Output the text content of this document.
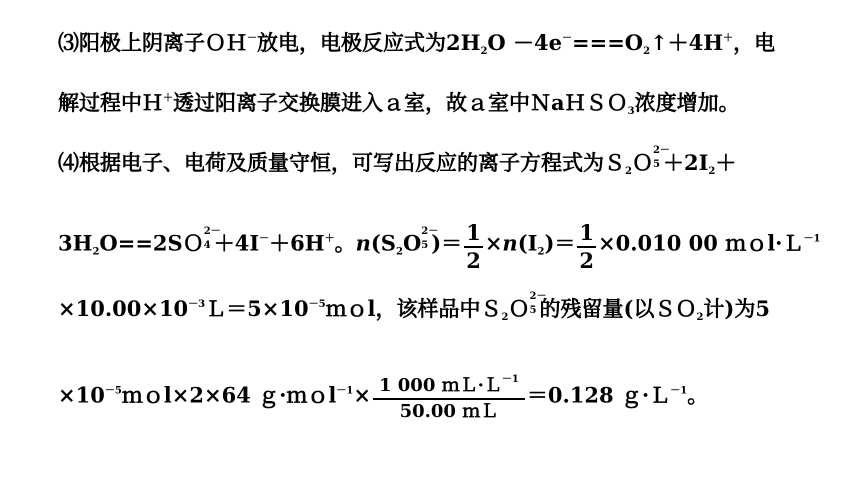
⑶阳极上阴离子ＯＨ－放电，电极反应式为$2H_2O$ $-4e^-===O_2↑+4H^+$，电
解过程中Ｈ＋透过阳离子交换膜进入ａ室，故ａ室中ＮaＨＳＯ$_3$浓度增加。
⑷根据电子、电荷及质量守恒，可写出反应的离子方程式为Ｓ$_2$Ｏ 2－
$5 +2I_2+$
$3H_2O==2SO$ 2－
4 ＋4I－＋6H＋。$n(S_2O$ 2－
5 )＝ $\frac{1}{2} \times n(I_2)= \frac{1}{2} \times 0.010$ 00 ｍｏl·Ｌ$^{-1}$
$\times 10.00\times 10^{-3}L=5\times 10^{-5}mol$，该样品中Ｓ$_2$Ｏ 2－
5 的残留量(以ＳＯ$_2$计)为5
$\times 10^{-5}mol\times 2\times 64$ ｇ·ｍｏl$^{-1}$× $\frac{1 000 mL\cdot L^{-1}}{\text{50.00 ｍＬ}} =0.128$ ｇ·Ｌ$^{-1}$。
